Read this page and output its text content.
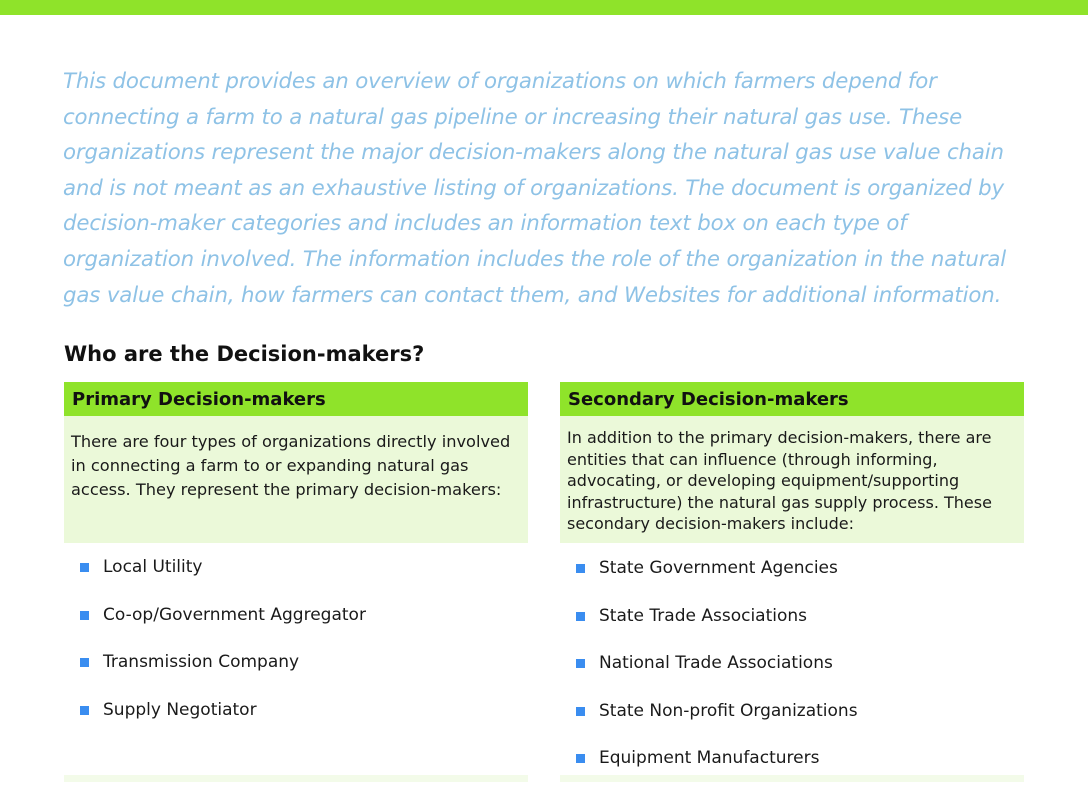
This document provides an overview of organizations on which farmers depend for connecting a farm to a natural gas pipeline or increasing their natural gas use. These organizations represent the major decision-makers along the natural gas use value chain and is not meant as an exhaustive listing of organizations. The document is organized by decision-maker categories and includes an information text box on each type of organization involved. The information includes the role of the organization in the natural gas value chain, how farmers can contact them, and Websites for additional information.

Who are the Decision-makers?
Primary Decision-makers
There are four types of organizations directly involved in connecting a farm to or expanding natural gas access. They represent the primary decision-makers:
Local Utility
Co-op/Government Aggregator
Transmission Company
Supply Negotiator
Secondary Decision-makers
In addition to the primary decision-makers, there are entities that can influence (through informing, advocating, or developing equipment/supporting infrastructure) the natural gas supply process. These secondary decision-makers include:
State Government Agencies
State Trade Associations
National Trade Associations
State Non-profit Organizations
Equipment Manufacturers
